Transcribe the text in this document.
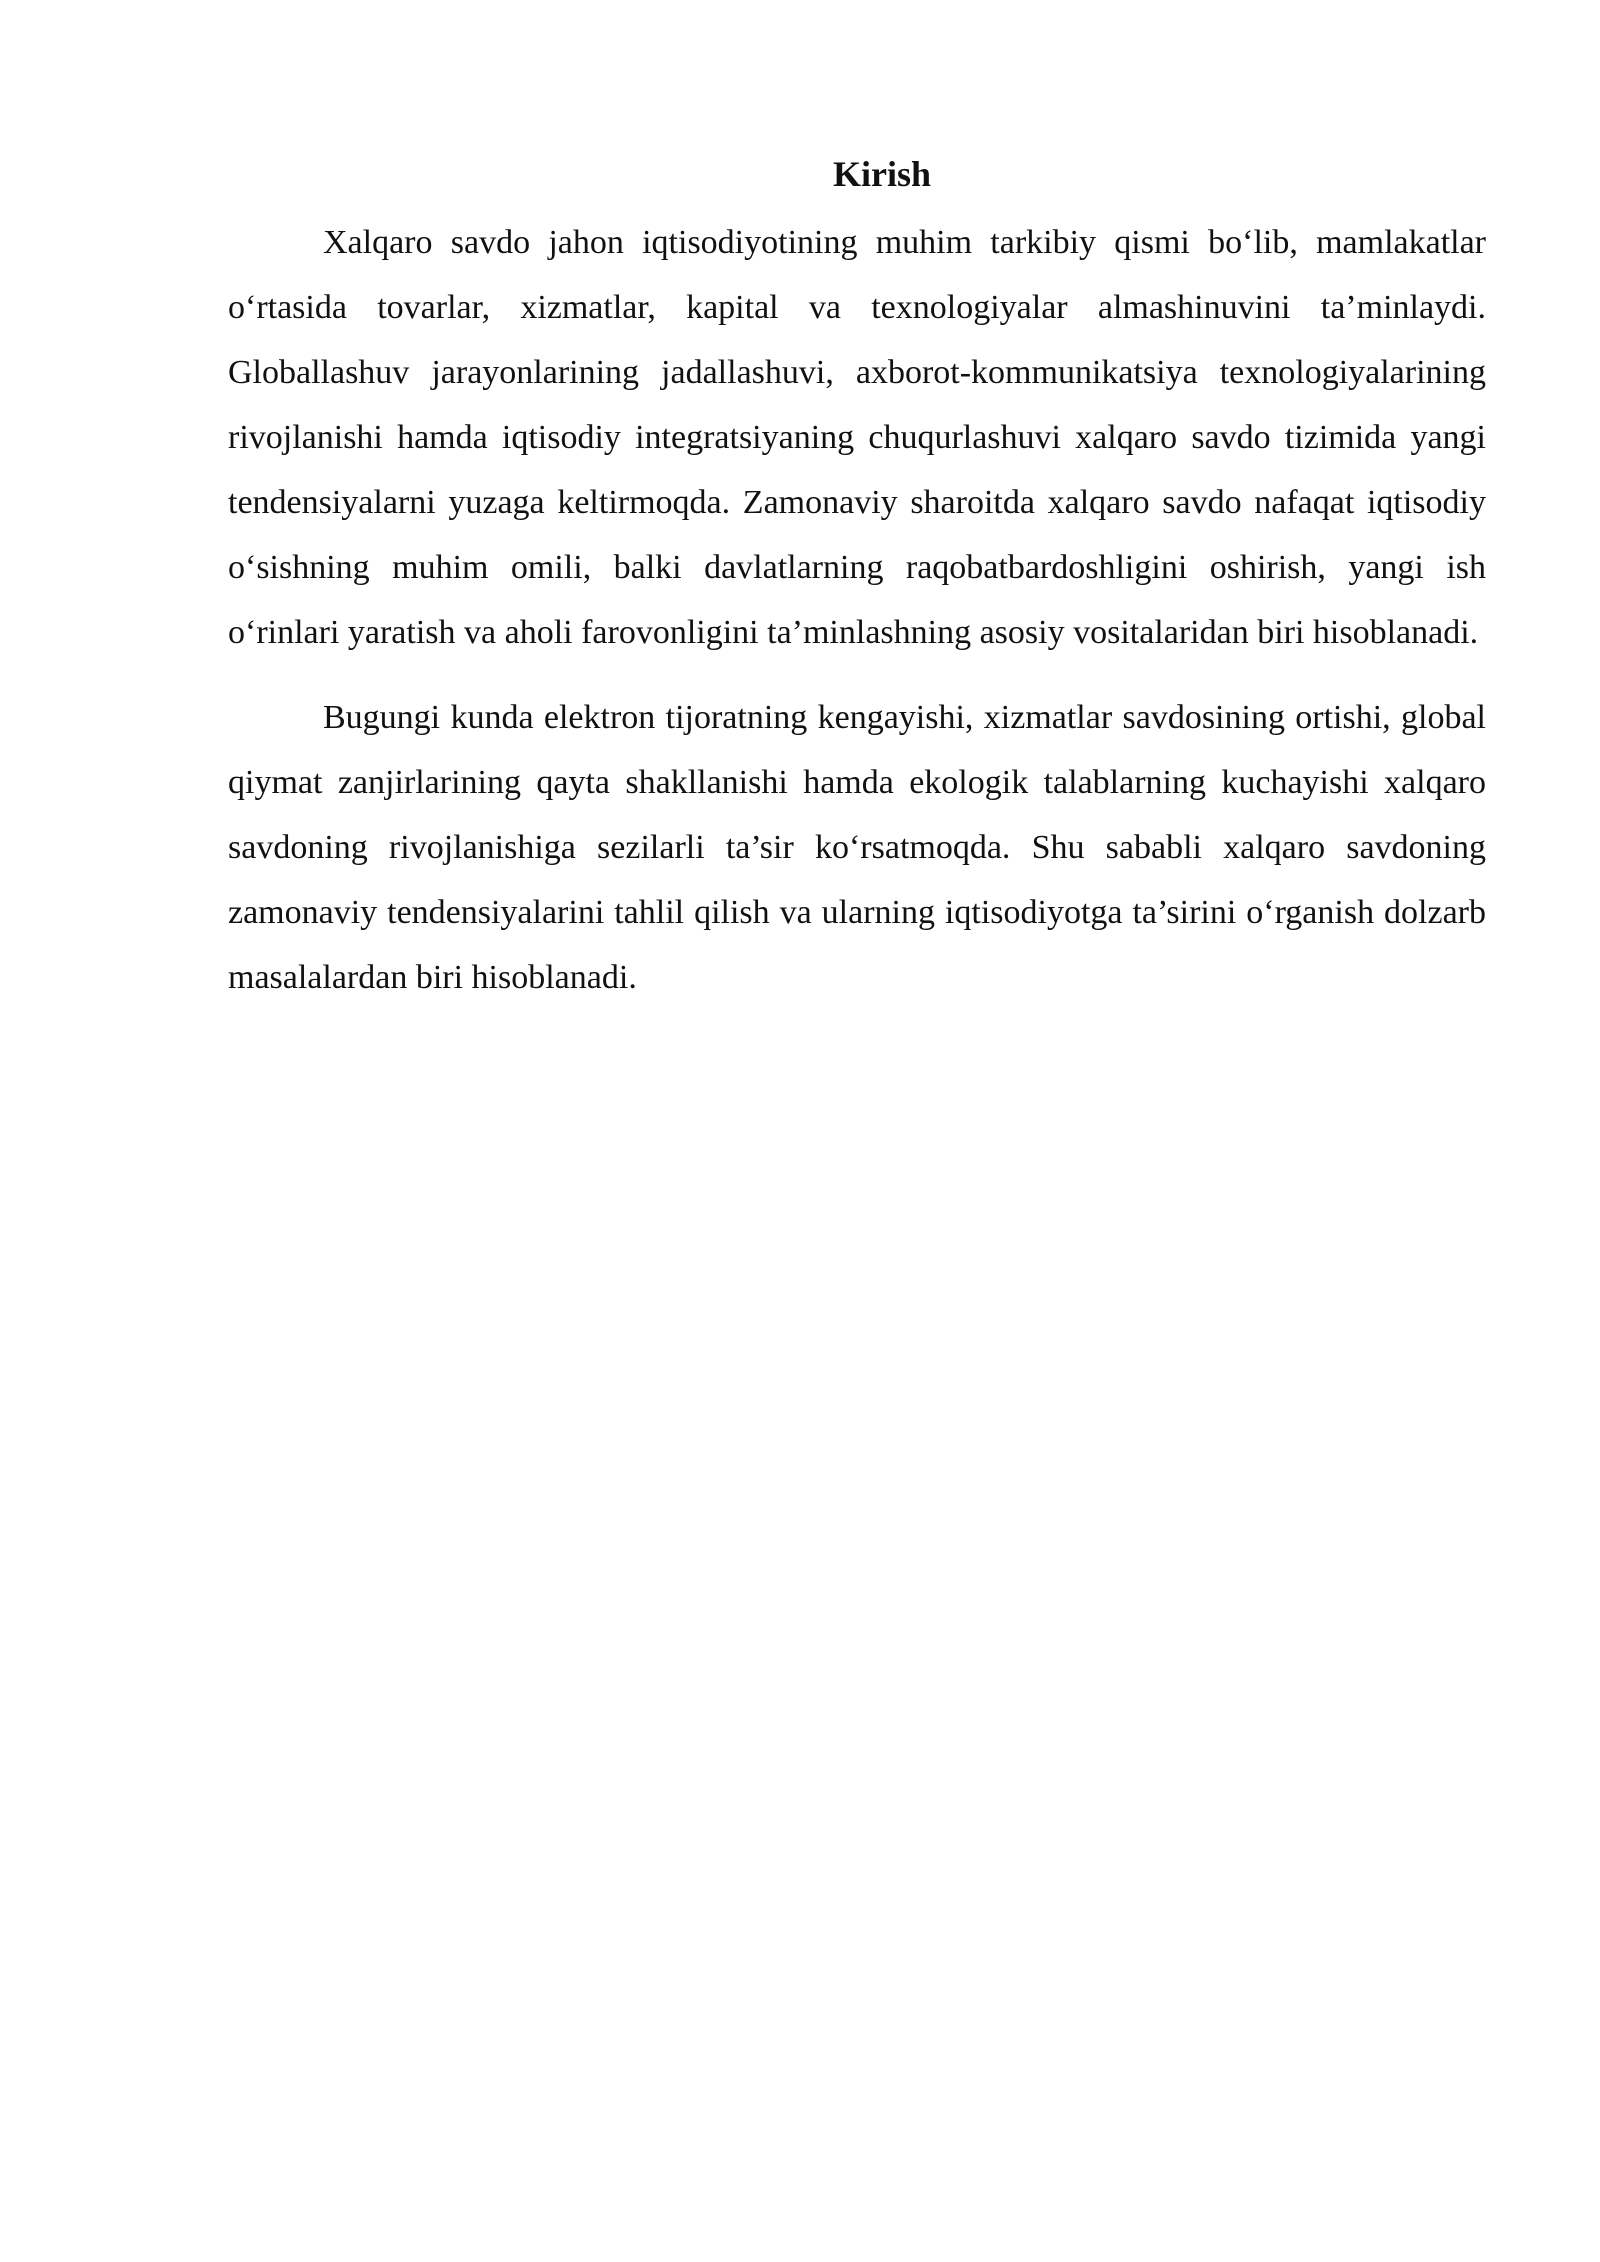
Kirish

Xalqaro savdo jahon iqtisodiyotining muhim tarkibiy qismi bo‘lib, mamlakatlar o‘rtasida tovarlar, xizmatlar, kapital va texnologiyalar almashinuvini ta’minlaydi. Globallashuv jarayonlarining jadallashuvi, axborot-kommunikatsiya texnologiyalarining rivojlanishi hamda iqtisodiy integratsiyaning chuqurlashuvi xalqaro savdo tizimida yangi tendensiyalarni yuzaga keltirmoqda. Zamonaviy sharoitda xalqaro savdo nafaqat iqtisodiy o‘sishning muhim omili, balki davlatlarning raqobatbardoshligini oshirish, yangi ish o‘rinlari yaratish va aholi farovonligini ta’minlashning asosiy vositalaridan biri hisoblanadi.

Bugungi kunda elektron tijoratning kengayishi, xizmatlar savdosining ortishi, global qiymat zanjirlarining qayta shakllanishi hamda ekologik talablarning kuchayishi xalqaro savdoning rivojlanishiga sezilarli ta’sir ko‘rsatmoqda. Shu sababli xalqaro savdoning zamonaviy tendensiyalarini tahlil qilish va ularning iqtisodiyotga ta’sirini o‘rganish dolzarb masalalardan biri hisoblanadi.
